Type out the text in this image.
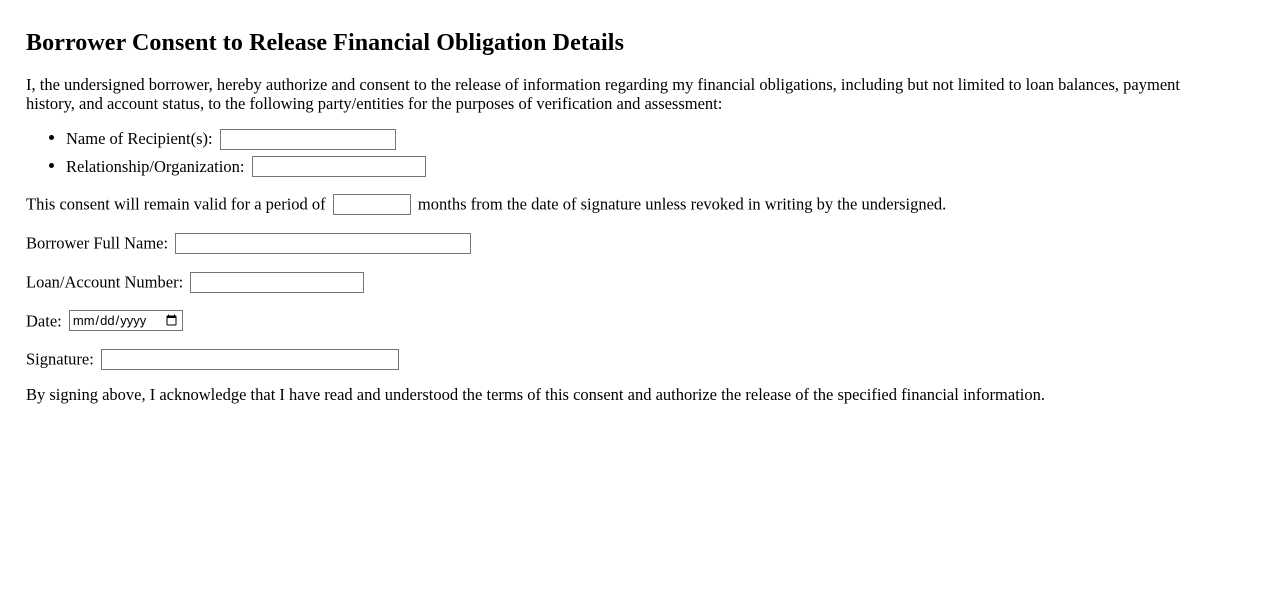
Borrower Consent to Release Financial Obligation Details

I, the undersigned borrower, hereby authorize and consent to the release of information regarding my financial obligations, including but not limited to loan balances, payment history, and account status, to the following party/entities for the purposes of verification and assessment:

• Name of Recipient(s):
• Relationship/Organization:
This consent will remain valid for a period of	months from the date of signature unless revoked in writing by the undersigned.
Borrower Full Name:
Loan/Account Number:
Date: mm/dd/yyyy
Signature:

By signing above, I acknowledge that I have read and understood the terms of this consent and authorize the release of the specified financial information.
